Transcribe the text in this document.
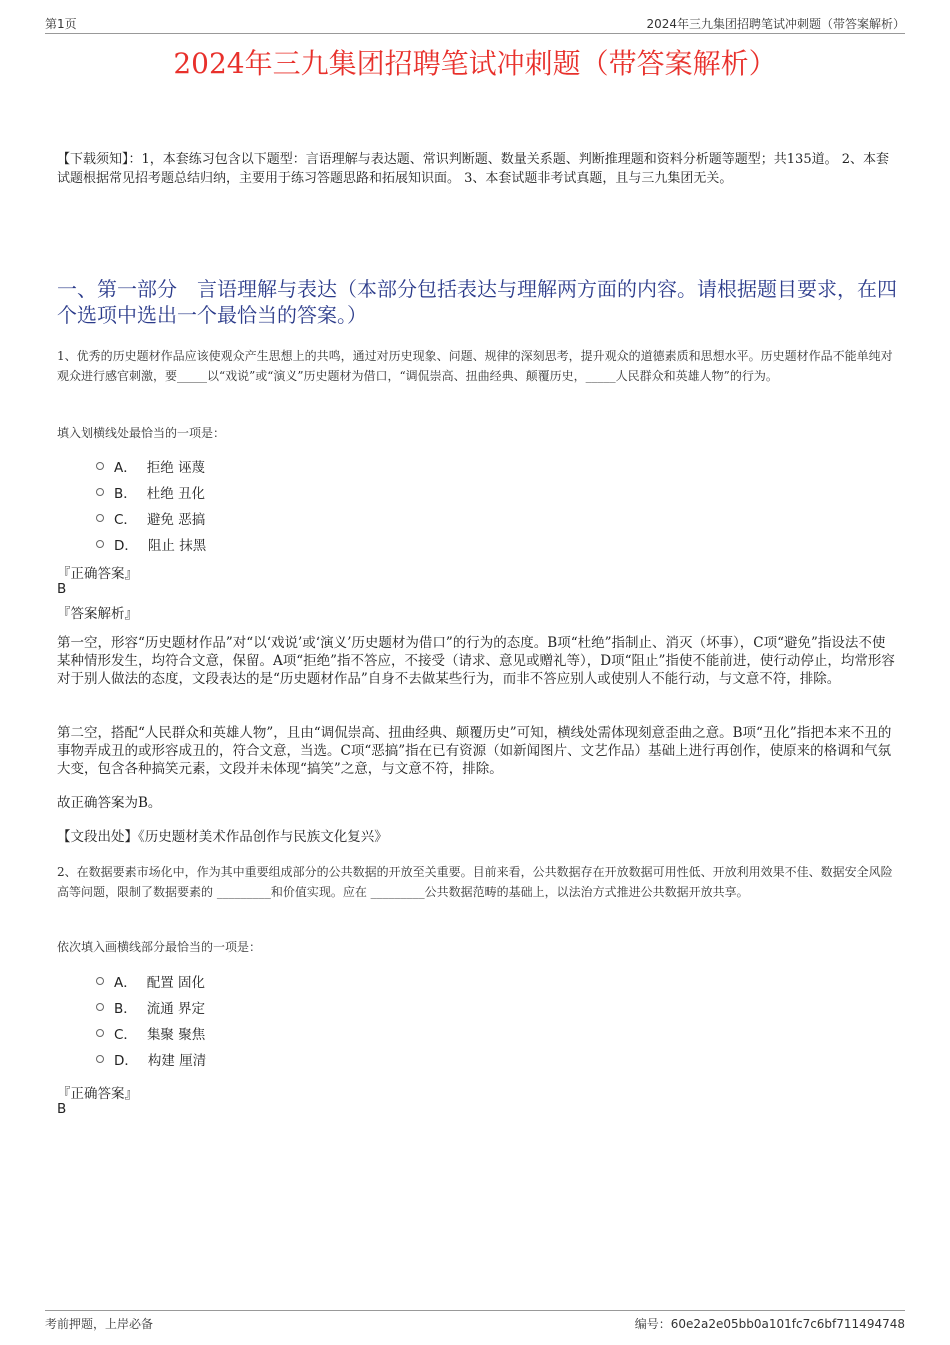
第1页	2024年三九集团招聘笔试冲刺题（带答案解析）
2024年三九集团招聘笔试冲刺题（带答案解析）
【下载须知】：1，本套练习包含以下题型：言语理解与表达题、常识判断题、数量关系题、判断推理题和资料分析题等题型；共135道。 2、本套试题根据常见招考题总结归纳，主要用于练习答题思路和拓展知识面。 3、本套试题非考试真题，且与三九集团无关。
一、第一部分　言语理解与表达（本部分包括表达与理解两方面的内容。请根据题目要求，在四个选项中选出一个最恰当的答案。）
1、优秀的历史题材作品应该使观众产生思想上的共鸣，通过对历史现象、问题、规律的深刻思考，提升观众的道德素质和思想水平。历史题材作品不能单纯对观众进行感官刺激，要_____以“戏说”或“演义”历史题材为借口，“调侃崇高、扭曲经典、颠覆历史，_____人民群众和英雄人物”的行为。
填入划横线处最恰当的一项是：
A． 拒绝 诬蔑
B． 杜绝 丑化
C． 避免 恶搞
D． 阻止 抹黑
『正确答案』
B
『答案解析』
第一空，形容“历史题材作品”对“以‘戏说’或‘演义’历史题材为借口”的行为的态度。B项“杜绝”指制止、消灭（坏事），C项“避免”指设法不使某种情形发生，均符合文意，保留。A项“拒绝”指不答应，不接受（请求、意见或赠礼等），D项“阻止”指使不能前进，使行动停止，均常形容对于别人做法的态度，文段表达的是“历史题材作品”自身不去做某些行为，而非不答应别人或使别人不能行动，与文意不符，排除。
第二空，搭配“人民群众和英雄人物”，且由“调侃崇高、扭曲经典、颠覆历史”可知，横线处需体现刻意歪曲之意。B项“丑化”指把本来不丑的事物弄成丑的或形容成丑的，符合文意，当选。C项“恶搞”指在已有资源（如新闻图片、文艺作品）基础上进行再创作，使原来的格调和气氛大变，包含各种搞笑元素，文段并未体现“搞笑”之意，与文意不符，排除。
故正确答案为B。
【文段出处】《历史题材美术作品创作与民族文化复兴》
2、在数据要素市场化中，作为其中重要组成部分的公共数据的开放至关重要。目前来看，公共数据存在开放数据可用性低、开放利用效果不佳、数据安全风险高等问题，限制了数据要素的 _________和价值实现。应在 _________公共数据范畴的基础上，以法治方式推进公共数据开放共享。
依次填入画横线部分最恰当的一项是：
A． 配置 固化
B． 流通 界定
C． 集聚 聚焦
D． 构建 厘清
『正确答案』
B
考前押题，上岸必备	编号：60e2a2e05bb0a101fc7c6bf711494748
